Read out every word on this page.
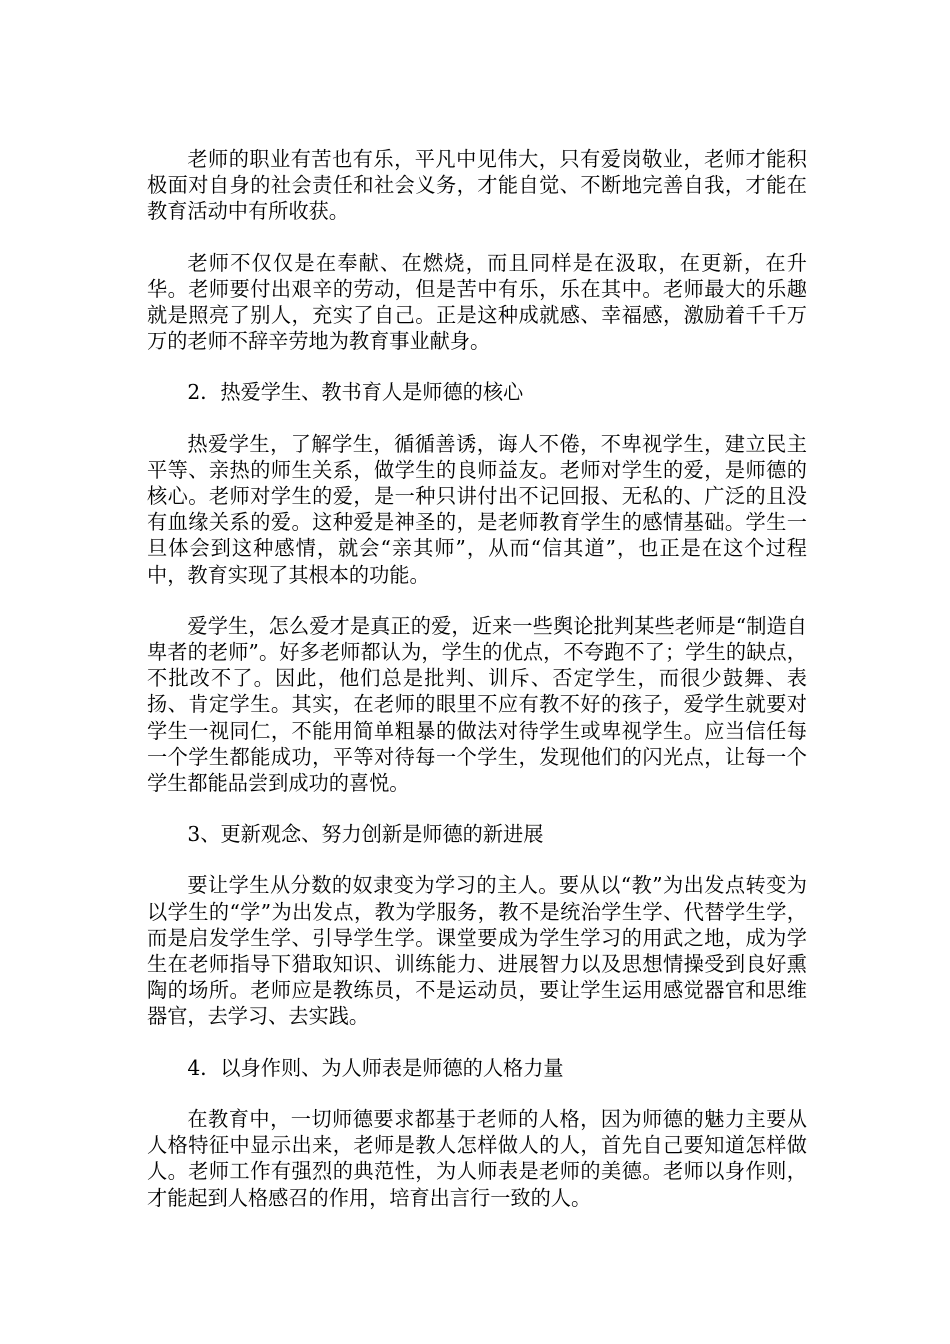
老师的职业有苦也有乐，平凡中见伟大，只有爱岗敬业，老师才能积极面对自身的社会责任和社会义务，才能自觉、不断地完善自我，才能在教育活动中有所收获。

老师不仅仅是在奉献、在燃烧，而且同样是在汲取，在更新，在升华。老师要付出艰辛的劳动，但是苦中有乐，乐在其中。老师最大的乐趣就是照亮了别人，充实了自己。正是这种成就感、幸福感，激励着千千万万的老师不辞辛劳地为教育事业献身。

2．热爱学生、教书育人是师德的核心

热爱学生，了解学生，循循善诱，诲人不倦，不卑视学生，建立民主平等、亲热的师生关系，做学生的良师益友。老师对学生的爱，是师德的核心。老师对学生的爱，是一种只讲付出不记回报、无私的、广泛的且没有血缘关系的爱。这种爱是神圣的，是老师教育学生的感情基础。学生一旦体会到这种感情，就会“亲其师”，从而“信其道”，也正是在这个过程中，教育实现了其根本的功能。

爱学生，怎么爱才是真正的爱，近来一些舆论批判某些老师是“制造自卑者的老师”。好多老师都认为，学生的优点，不夸跑不了；学生的缺点，不批改不了。因此，他们总是批判、训斥、否定学生，而很少鼓舞、表扬、肯定学生。其实，在老师的眼里不应有教不好的孩子，爱学生就要对学生一视同仁，不能用简单粗暴的做法对待学生或卑视学生。应当信任每一个学生都能成功，平等对待每一个学生，发现他们的闪光点，让每一个学生都能品尝到成功的喜悦。

3、更新观念、努力创新是师德的新进展

要让学生从分数的奴隶变为学习的主人。要从以“教”为出发点转变为以学生的“学”为出发点，教为学服务，教不是统治学生学、代替学生学，而是启发学生学、引导学生学。课堂要成为学生学习的用武之地，成为学生在老师指导下猎取知识、训练能力、进展智力以及思想情操受到良好熏陶的场所。老师应是教练员，不是运动员，要让学生运用感觉器官和思维器官，去学习、去实践。

4．以身作则、为人师表是师德的人格力量

在教育中，一切师德要求都基于老师的人格，因为师德的魅力主要从人格特征中显示出来，老师是教人怎样做人的人，首先自己要知道怎样做人。老师工作有强烈的典范性，为人师表是老师的美德。老师以身作则，才能起到人格感召的作用，培育出言行一致的人。
